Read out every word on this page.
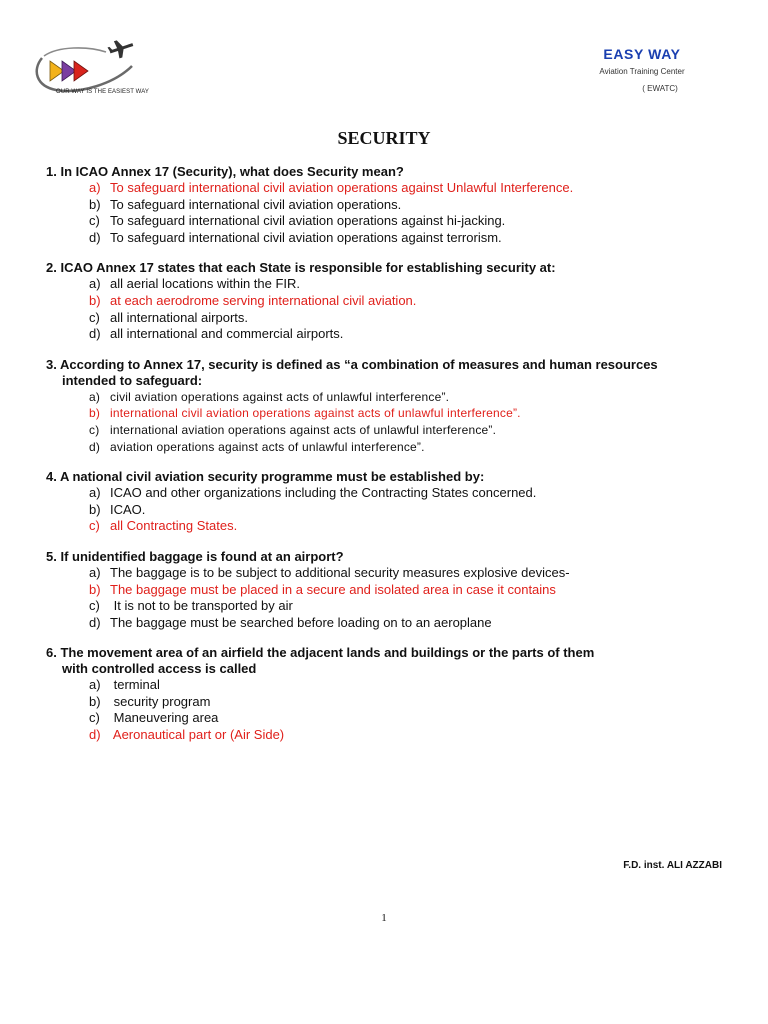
OUR WAY IS THE EASIEST WAY
EASY WAY
Aviation Training Center
( EWATC)
SECURITY
1. In ICAO Annex 17 (Security), what does Security mean?
a) To safeguard international civil aviation operations against Unlawful Interference.
b) To safeguard international civil aviation operations.
c) To safeguard international civil aviation operations against hi-jacking.
d) To safeguard international civil aviation operations against terrorism.
2. ICAO Annex 17 states that each State is responsible for establishing security at:
a) all aerial locations within the FIR.
b) at each aerodrome serving international civil aviation.
c) all international airports.
d) all international and commercial airports.
3. According to Annex 17, security is defined as “a combination of measures and human resources
intended to safeguard:
a) civil aviation operations against acts of unlawful interference”.
b) international civil aviation operations against acts of unlawful interference”.
c) international aviation operations against acts of unlawful interference”.
d) aviation operations against acts of unlawful interference”.
4. A national civil aviation security programme must be established by:
a) ICAO and other organizations including the Contracting States concerned.
b) ICAO.
c) all Contracting States.
5. If unidentified baggage is found at an airport?
a) The baggage is to be subject to additional security measures explosive devices-
b) The baggage must be placed in a secure and isolated area in case it contains
c) It is not to be transported by air
d) The baggage must be searched before loading on to an aeroplane
6. The movement area of an airfield the adjacent lands and buildings or the parts of them
with controlled access is called
a) terminal
b) security program
c) Maneuvering area
d) Aeronautical part or (Air Side)
F.D. inst. ALI AZZABI
1
